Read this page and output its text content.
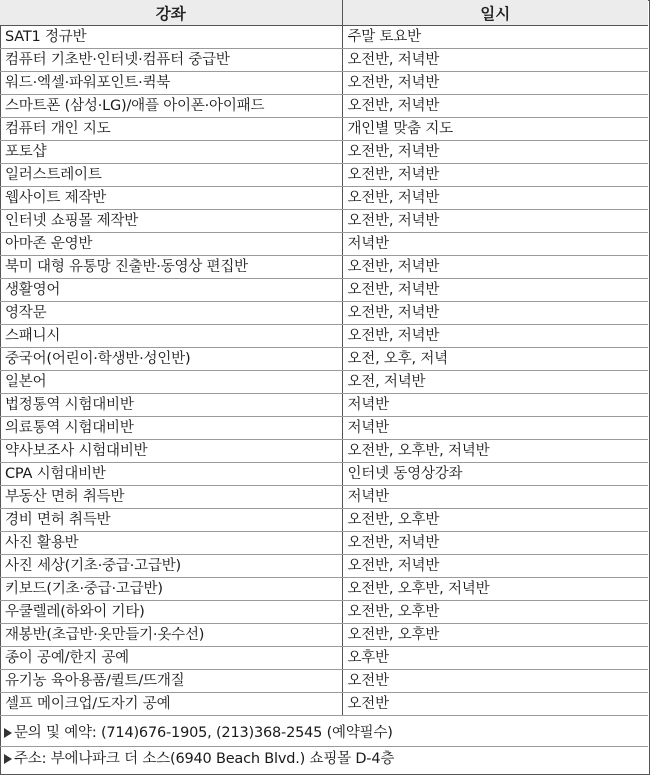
강좌	일시
SAT1 정규반	주말 토요반
컴퓨터 기초반·인터넷·컴퓨터 중급반	오전반, 저녁반
워드·엑셀·파워포인트·퀵북	오전반, 저녁반
스마트폰 (삼성·LG)/애플 아이폰·아이패드	오전반, 저녁반
컴퓨터 개인 지도	개인별 맞춤 지도
포토샵	오전반, 저녁반
일러스트레이트	오전반, 저녁반
웹사이트 제작반	오전반, 저녁반
인터넷 쇼핑몰 제작반	오전반, 저녁반
아마존 운영반	저녁반
북미 대형 유통망 진출반·동영상 편집반	오전반, 저녁반
생활영어	오전반, 저녁반
영작문	오전반, 저녁반
스패니시	오전반, 저녁반
중국어(어린이·학생반·성인반)	오전, 오후, 저녁
일본어	오전, 저녁반
법정통역 시험대비반	저녁반
의료통역 시험대비반	저녁반
약사보조사 시험대비반	오전반, 오후반, 저녁반
CPA 시험대비반	인터넷 동영상강좌
부동산 면허 취득반	저녁반
경비 면허 취득반	오전반, 오후반
사진 활용반	오전반, 저녁반
사진 세상(기초·중급·고급반)	오전반, 저녁반
키보드(기초·중급·고급반)	오전반, 오후반, 저녁반
우쿨렐레(하와이 기타)	오전반, 오후반
재봉반(초급반·옷만들기·옷수선)	오전반, 오후반
종이 공예/한지 공예	오후반
유기농 육아용품/퀼트/뜨개질	오전반
셀프 메이크업/도자기 공예	오전반
문의 및 예약: (714)676-1905, (213)368-2545 (예약필수)
주소: 부에나파크 더 소스(6940 Beach Blvd.) 쇼핑몰 D-4층
